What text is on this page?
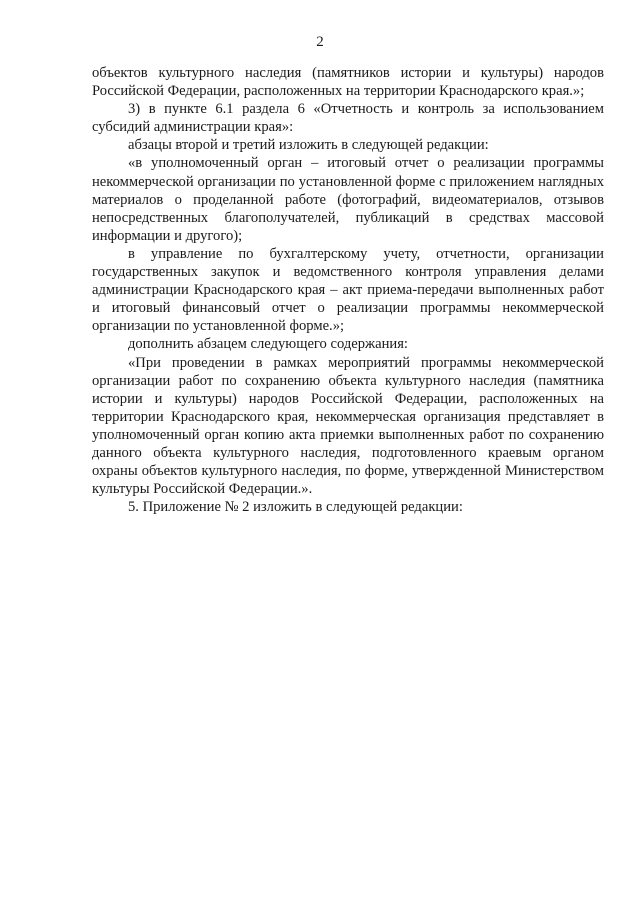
2

объектов культурного наследия (памятников истории и культуры) народов Российской Федерации, расположенных на территории Краснодарского края.»;

3) в пункте 6.1 раздела 6 «Отчетность и контроль за использованием субсидий администрации края»:

абзацы второй и третий изложить в следующей редакции:

«в уполномоченный орган – итоговый отчет о реализации программы некоммерческой организации по установленной форме с приложением наглядных материалов о проделанной работе (фотографий, видеоматериалов, отзывов непосредственных благополучателей, публикаций в средствах массовой информации и другого);

в управление по бухгалтерскому учету, отчетности, организации государственных закупок и ведомственного контроля управления делами администрации Краснодарского края – акт приема-передачи выполненных работ и итоговый финансовый отчет о реализации программы некоммерческой организации по установленной форме.»;

дополнить абзацем следующего содержания:

«При проведении в рамках мероприятий программы некоммерческой организации работ по сохранению объекта культурного наследия (памятника истории и культуры) народов Российской Федерации, расположенных на территории Краснодарского края, некоммерческая организация представляет в уполномоченный орган копию акта приемки выполненных работ по сохранению данного объекта культурного наследия, подготовленного краевым органом охраны объектов культурного наследия, по форме, утвержденной Министерством культуры Российской Федерации.».

5. Приложение № 2 изложить в следующей редакции:
